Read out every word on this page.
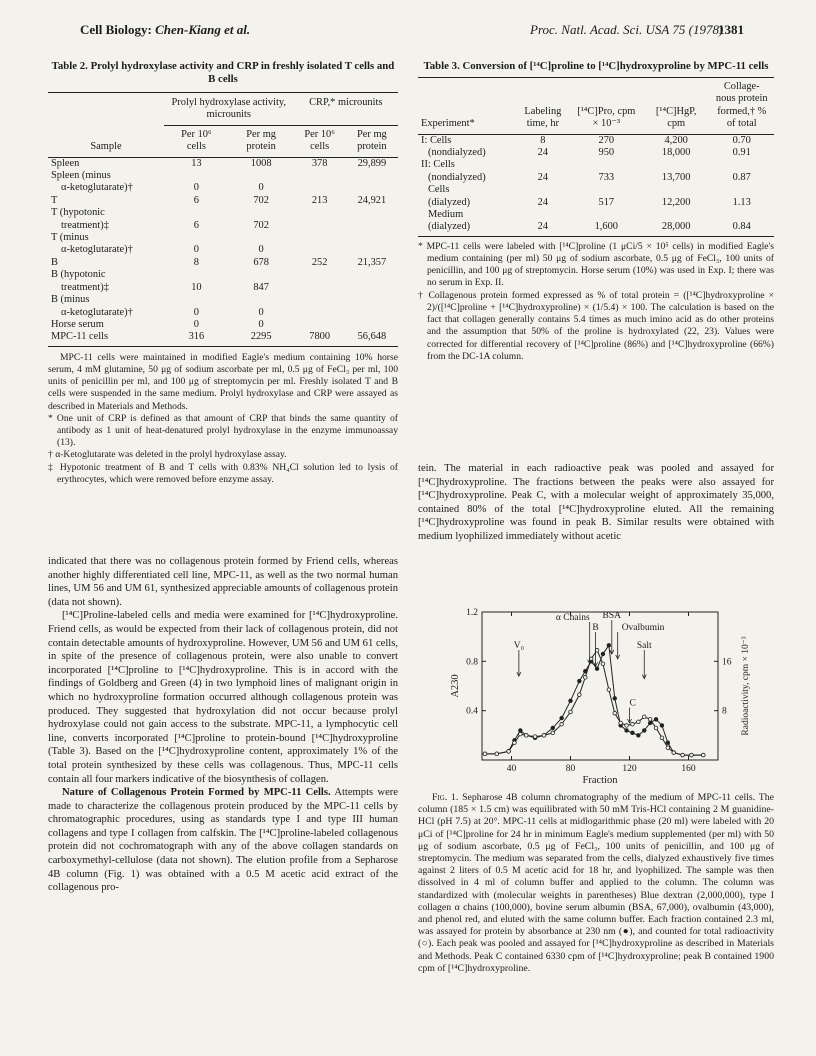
Cell Biology: Chen-Kiang et al.	Proc. Natl. Acad. Sci. USA 75 (1978)
1381
Table 2. Prolyl hydroxylase activity and CRP in freshly isolated T cells and B cells
	Prolyl hydroxylase activity, microunits		CRP,* microunits	
Sample	Per 10⁶ cells	Per mg protein	Per 10⁶ cells	Per mg protein

Spleen	13	1008	378	29,899
Spleen (minus
α-ketoglutarate)†	0	0		
T	6	702	213	24,921
T (hypotonic
treatment)‡	6	702		
T (minus
α-ketoglutarate)†	0	0		
B	8	678	252	21,357
B (hypotonic
treatment)‡	10	847		
B (minus
α-ketoglutarate)†	0	0		
Horse serum	0	0		
MPC-11 cells	316	2295	7800	56,648

MPC-11 cells were maintained in modified Eagle's medium containing 10% horse serum, 4 mM glutamine, 50 μg of sodium ascorbate per ml, 0.5 μg of FeCl₃ per ml, 100 units of penicillin per ml, and 100 μg of streptomycin per ml. Freshly isolated T and B cells were suspended in the same medium. Prolyl hydroxylase and CRP were assayed as described in Materials and Methods.

* One unit of CRP is defined as that amount of CRP that binds the same quantity of antibody as 1 unit of heat-denatured prolyl hydroxylase in the enzyme immunoassay (13).

† α-Ketoglutarate was deleted in the prolyl hydroxylase assay.

‡ Hypotonic treatment of B and T cells with 0.83% NH₄Cl solution led to lysis of erythrocytes, which were removed before enzyme assay.

indicated that there was no collagenous protein formed by Friend cells, whereas another highly differentiated cell line, MPC-11, as well as the two normal human lines, UM 56 and UM 61, synthesized appreciable amounts of collagenous protein (data not shown).

[¹⁴C]Proline-labeled cells and media were examined for [¹⁴C]hydroxyproline. Friend cells, as would be expected from their lack of collagenous protein, did not contain detectable amounts of hydroxyproline. However, UM 56 and UM 61 cells, in spite of the presence of collagenous protein, were also unable to convert incorporated [¹⁴C]proline to [¹⁴C]hydroxyproline. This is in accord with the findings of Goldberg and Green (4) in two lymphoid lines of malignant origin in which no hydroxyproline formation occurred although collagenous protein was produced. They suggested that hydroxylation did not occur because prolyl hydroxylase could not gain access to the substrate. MPC-11, a lymphocytic cell line, converts incorporated [¹⁴C]proline to protein-bound [¹⁴C]hydroxyproline (Table 3). Based on the [¹⁴C]hydroxyproline content, approximately 1% of the total protein synthesized by these cells was collagenous. Thus, MPC-11 cells contain all four markers indicative of the biosynthesis of collagen.

Nature of Collagenous Protein Formed by MPC-11 Cells. Attempts were made to characterize the collagenous protein produced by the MPC-11 cells by chromatographic procedures, using as standards type I and type III human collagens and type I collagen from calfskin. The [¹⁴C]proline-labeled collagenous protein did not cochromatograph with any of the above collagen standards on carboxymethyl-cellulose (data not shown). The elution profile from a Sepharose 4B column (Fig. 1) was obtained with a 0.5 M acetic acid extract of the collagenous pro-

Table 3. Conversion of [¹⁴C]proline to [¹⁴C]hydroxyproline by MPC-11 cells
Experiment*	Labeling time, hr	[¹⁴C]Pro, cpm × 10⁻³	[¹⁴C]HgP, cpm	Collage- nous protein formed,† % of total

I: Cells	8	270	4,200	0.70
(nondialyzed)	24	950	18,000	0.91
II: Cells				
(nondialyzed)	24	733	13,700	0.87
Cells				
(dialyzed)	24	517	12,200	1.13
Medium				
(dialyzed)	24	1,600	28,000	0.84

* MPC-11 cells were labeled with [¹⁴C]proline (1 μCi/5 × 10⁵ cells) in modified Eagle's medium containing (per ml) 50 μg of sodium ascorbate, 0.5 μg of FeCl₃, 100 units of penicillin, and 100 μg of streptomycin. Horse serum (10%) was used in Exp. I; there was no serum in Exp. II.

† Collagenous protein formed expressed as % of total protein = ([¹⁴C]hydroxyproline × 2)/([¹⁴C]proline + [¹⁴C]hydroxyproline) × (1/5.4) × 100. The calculation is based on the fact that collagen generally contains 5.4 times as much imino acid as do other proteins and the assumption that 50% of the proline is hydroxylated (22, 23). Values were corrected for differential recovery of [¹⁴C]proline (86%) and [¹⁴C]hydroxyproline (66%) from the DC-1A column.

tein. The material in each radioactive peak was pooled and assayed for [¹⁴C]hydroxyproline. The fractions between the peaks were also assayed for [¹⁴C]hydroxyproline. Peak C, with a molecular weight of approximately 35,000, contained 80% of the total [¹⁴C]hydroxyproline eluted. All the remaining [¹⁴C]hydroxyproline was found in peak B. Similar results were obtained with medium lyophilized immediately without acetic

40	80	120	160
0.4
0.8
1.2
8
16
Fraction
A230	Radioactivity, cpm × 10⁻³
α Chains BSA
B Ovalbumin
V₀	Salt
C

Fig. 1. Sepharose 4B column chromatography of the medium of MPC-11 cells. The column (185 × 1.5 cm) was equilibrated with 50 mM Tris-HCl containing 2 M guanidine-HCl (pH 7.5) at 20°. MPC-11 cells at midlogarithmic phase (20 ml) were labeled with 20 μCi of [¹⁴C]proline for 24 hr in minimum Eagle's medium supplemented (per ml) with 50 μg of sodium ascorbate, 0.5 μg of FeCl₃, 100 units of penicillin, and 100 μg of streptomycin. The medium was separated from the cells, dialyzed exhaustively five times against 2 liters of 0.5 M acetic acid for 18 hr, and lyophilized. The sample was then dissolved in 4 ml of column buffer and applied to the column. The column was standardized with (molecular weights in parentheses) Blue dextran (2,000,000), type I collagen α chains (100,000), bovine serum albumin (BSA, 67,000), ovalbumin (43,000), and phenol red, and eluted with the same column buffer. Each fraction contained 2.3 ml, was assayed for protein by absorbance at 230 nm (●), and counted for total radioactivity (○). Each peak was pooled and assayed for [¹⁴C]hydroxyproline as described in Materials and Methods. Peak C contained 6330 cpm of [¹⁴C]hydroxyproline; peak B contained 1900 cpm of [¹⁴C]hydroxyproline.
